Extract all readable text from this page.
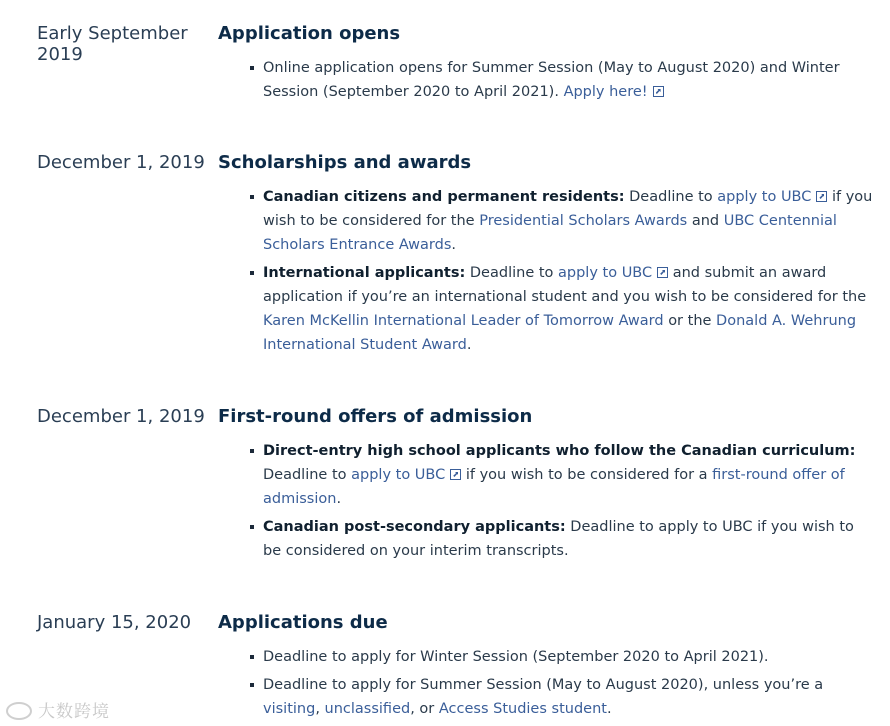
Early September 2019
Application opens
Online application opens for Summer Session (May to August 2020) and Winter Session (September 2020 to April 2021). Apply here!
December 1, 2019 Scholarships and awards
Canadian citizens and permanent residents: Deadline to apply to UBC if you wish to be considered for the Presidential Scholars Awards and UBC Centennial Scholars Entrance Awards.
International applicants: Deadline to apply to UBC and submit an award application if you’re an international student and you wish to be considered for the Karen McKellin International Leader of Tomorrow Award or the Donald A. Wehrung International Student Award.
December 1, 2019 First-round offers of admission
Direct-entry high school applicants who follow the Canadian curriculum: Deadline to apply to UBC if you wish to be considered for a first-round offer of admission.
Canadian post-secondary applicants: Deadline to apply to UBC if you wish to be considered on your interim transcripts.
January 15, 2020	Applications due
Deadline to apply for Winter Session (September 2020 to April 2021).
Deadline to apply for Summer Session (May to August 2020), unless you’re a visiting, unclassified, or Access Studies student.
大数跨境
